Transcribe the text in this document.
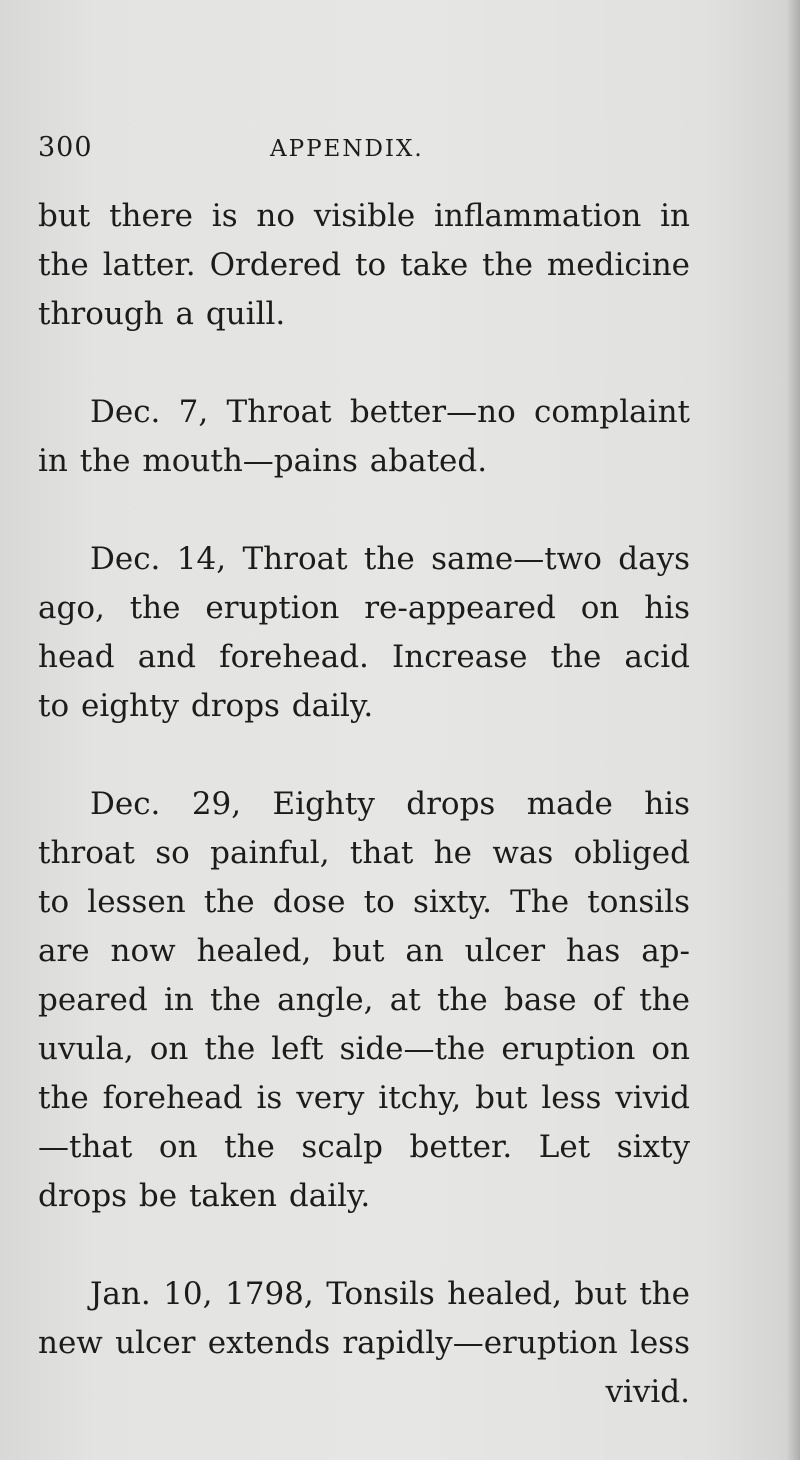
300	APPENDIX.
but there is no visible inflammation in
the latter. Ordered to take the medicine
through a quill.
Dec. 7, Throat better—no complaint
in the mouth—pains abated.
Dec. 14, Throat the same—two days
ago, the eruption re-appeared on his
head and forehead. Increase the acid
to eighty drops daily.
Dec. 29, Eighty drops made his
throat so painful, that he was obliged
to lessen the dose to sixty. The tonsils
are now healed, but an ulcer has ap-
peared in the angle, at the base of the
uvula, on the left side—the eruption on
the forehead is very itchy, but less vivid
—that on the scalp better. Let sixty
drops be taken daily.
Jan. 10, 1798, Tonsils healed, but the
new ulcer extends rapidly—eruption less
vivid.
